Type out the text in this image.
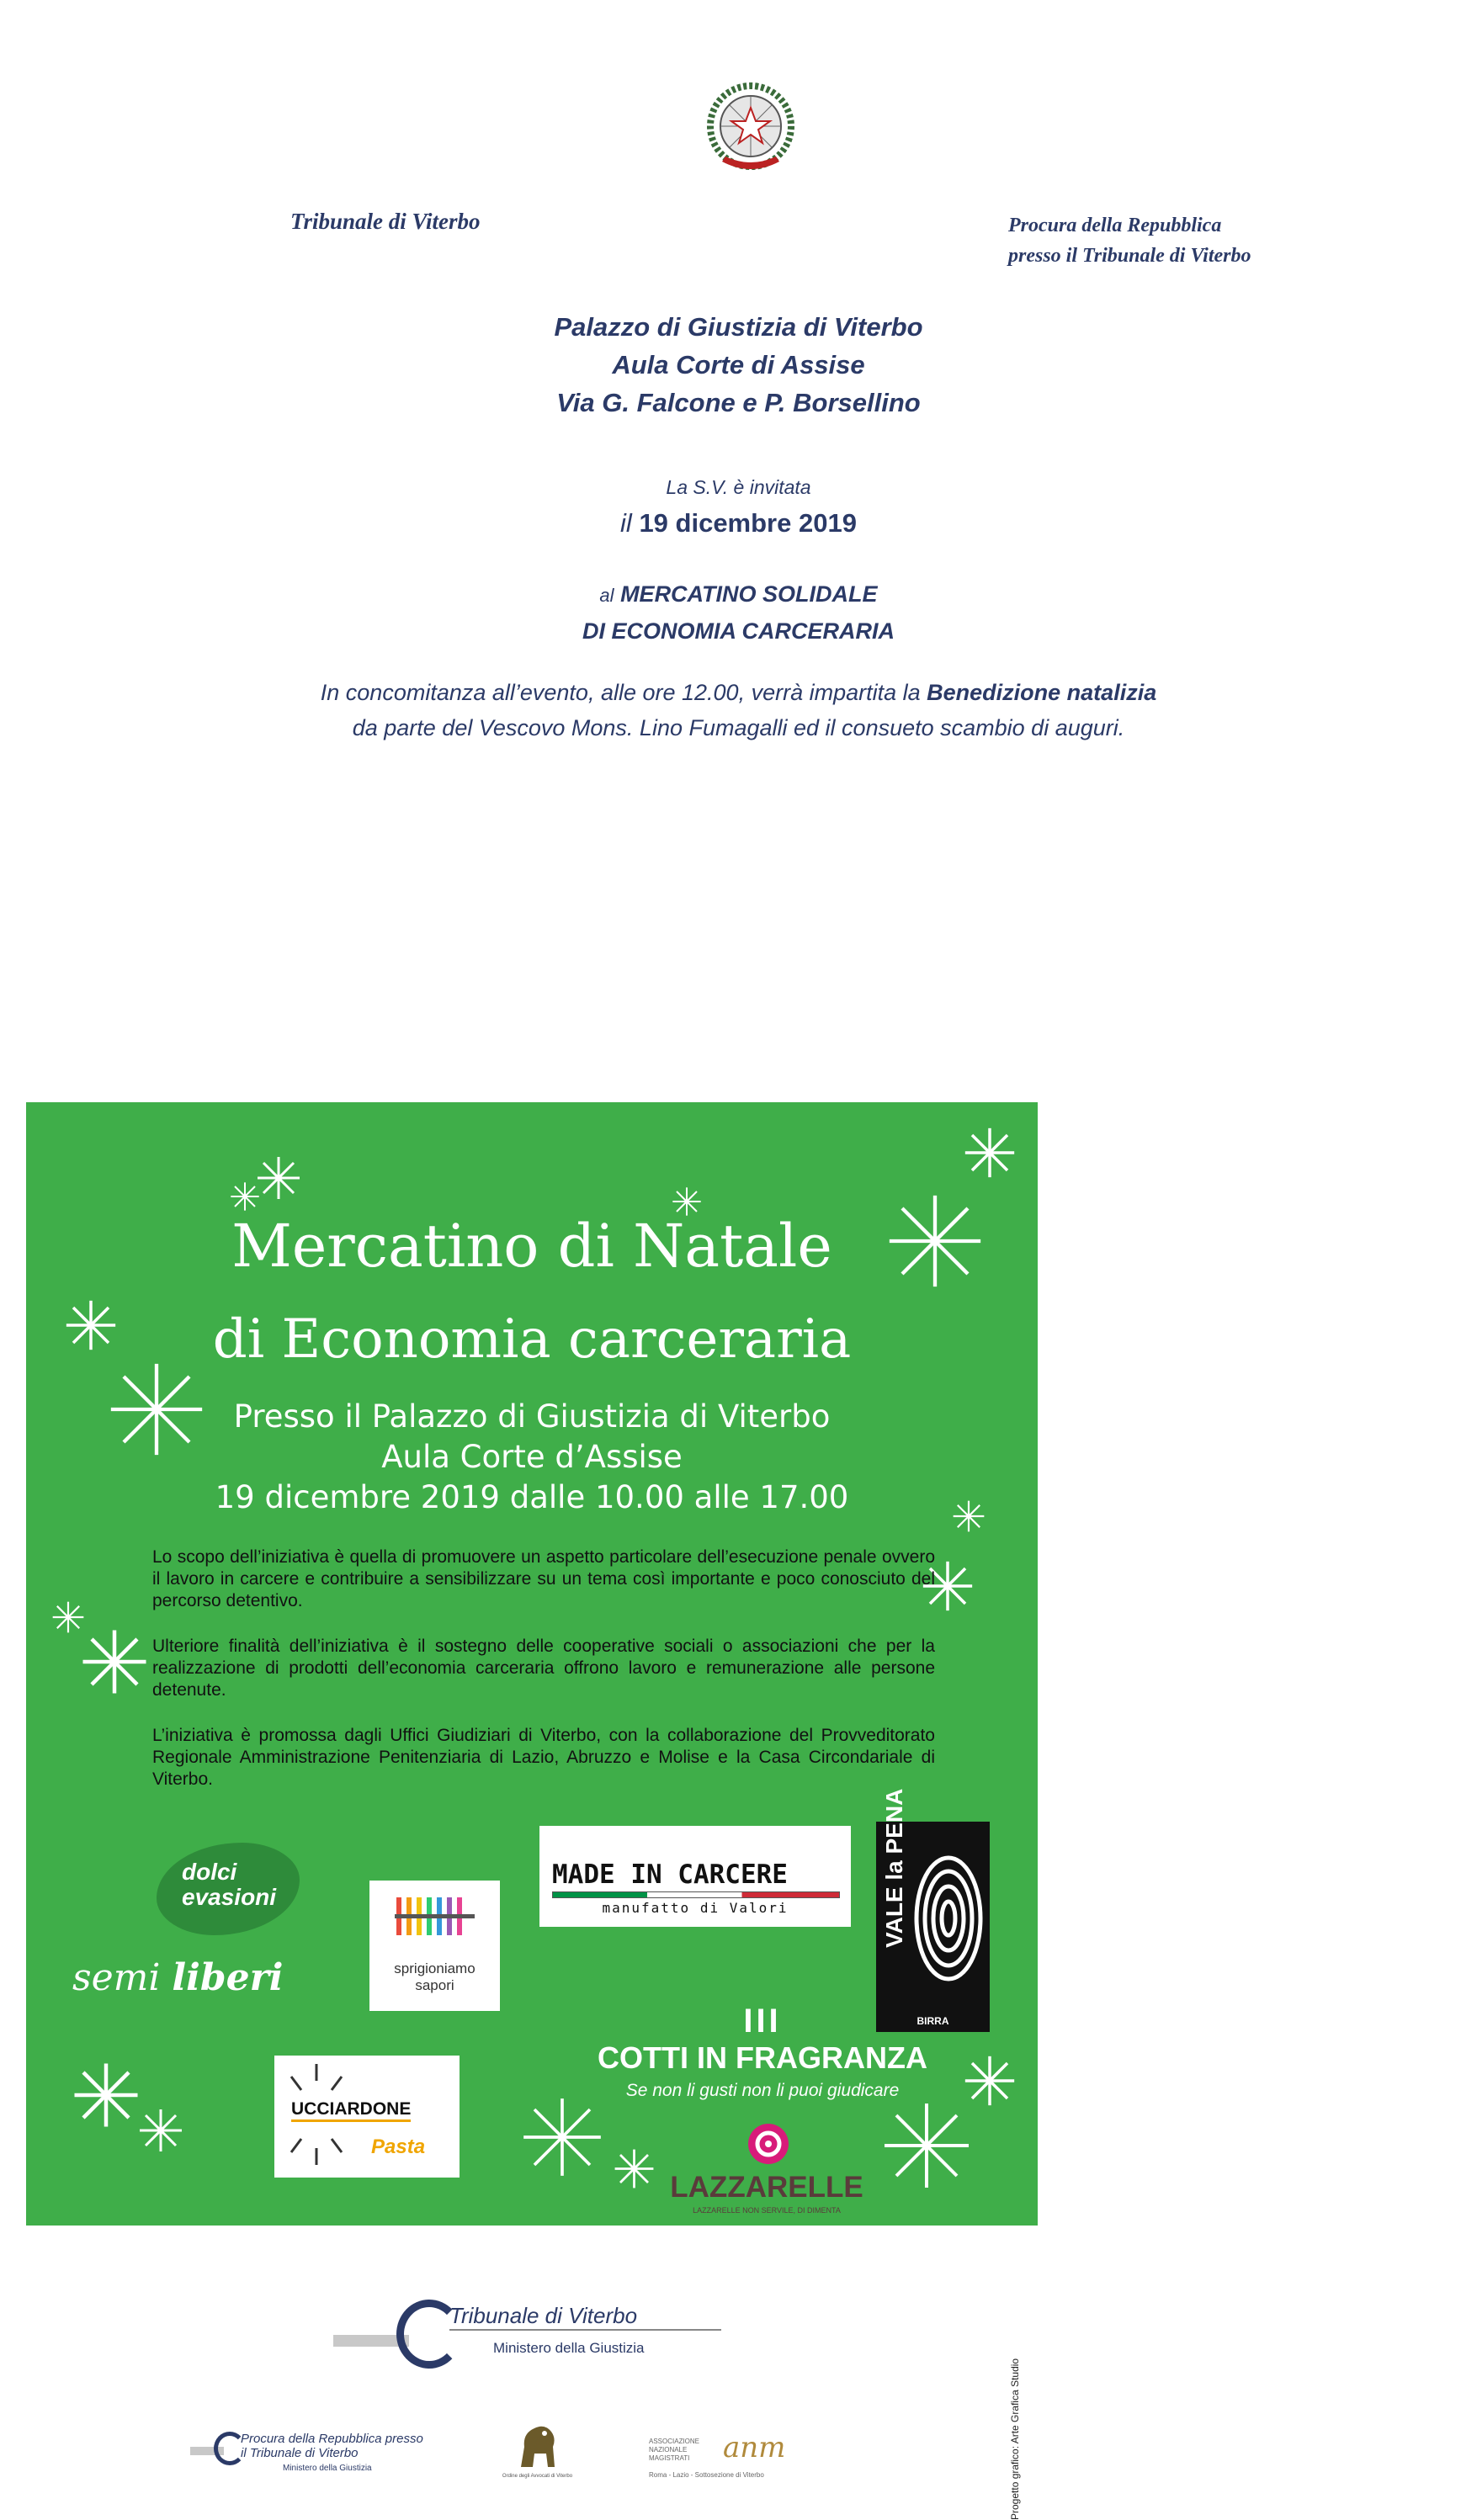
Tribunale di Viterbo	Procura della Repubblica
presso il Tribunale di Viterbo
Palazzo di Giustizia di Viterbo
Aula Corte di Assise
Via G. Falcone e P. Borsellino
La S.V. è invitata
il 19 dicembre 2019
al MERCATINO SOLIDALE
DI ECONOMIA CARCERARIA
In concomitanza all’evento, alle ore 12.00, verrà impartita la Benedizione natalizia
da parte del Vescovo Mons. Lino Fumagalli ed il consueto scambio di auguri.
Mercatino di Natale
di Economia carceraria
Presso il Palazzo di Giustizia di Viterbo
Aula Corte d’Assise
19 dicembre 2019 dalle 10.00 alle 17.00

Lo scopo dell’iniziativa è quella di promuovere un aspetto particolare dell’esecuzione penale ovvero il lavoro in carcere e contribuire a sensibilizzare su un tema così importante e poco conosciuto del percorso detentivo.

Ulteriore finalità dell’iniziativa è il sostegno delle cooperative sociali o associazioni che per la realizzazione di prodotti dell’economia carceraria offrono lavoro e remunerazione alle persone detenute.

L’iniziativa è promossa dagli Uffici Giudiziari di Viterbo, con la collaborazione del Provveditorato Regionale Amministrazione Penitenziaria di Lazio, Abruzzo e Molise e la Casa Circondariale di Viterbo.

dolci
evasioni
semi liberi	sprigioniamo
sapori
MADE IN CARCERE
manufatto di Valori	VALE la PENA
BIRRA
UCCIARDONE
Pasta
III
COTTI IN FRAGRANZA
Se non li gusti non li puoi giudicare
LAZZARELLE
LAZZARELLE NON SERVILE, DI DIMENTA
Tribunale di Viterbo
Ministero della Giustizia
Procura della Repubblica presso
il Tribunale di Viterbo
Ministero della Giustizia
Ordine degli Avvocati di Viterbo
ASSOCIAZIONE
NAZIONALE
MAGISTRATI	anm
Roma - Lazio - Sottosezione di Viterbo	Progetto grafico: Arte Grafica Studio
